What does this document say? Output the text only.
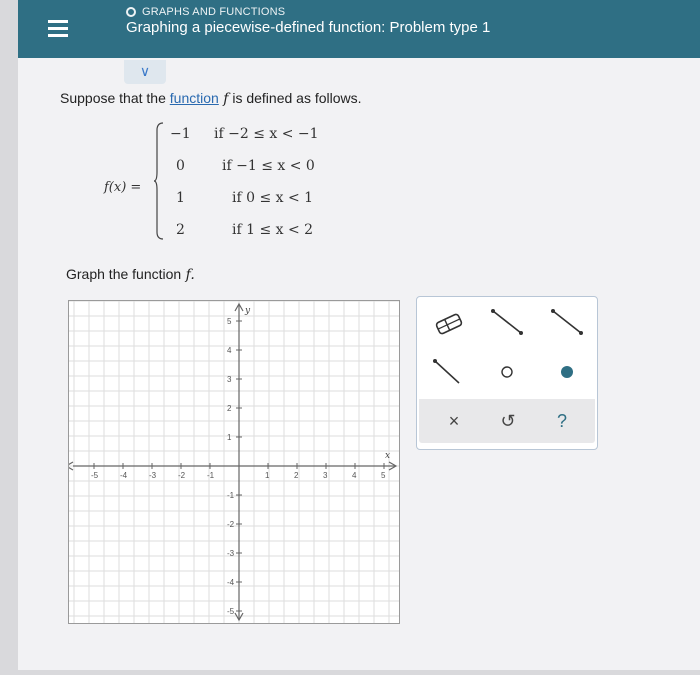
GRAPHS AND FUNCTIONS
Graphing a piecewise-defined function: Problem type 1
∨
Suppose that the function f is defined as follows.
f(x) =
−1 if −2 ≤ x < −1
0	if −1 ≤ x < 0
1	if 0 ≤ x < 1
2	if 1 ≤ x < 2
Graph the function f.
x
y
-5	-4	-3	-2	-1	1	2	3	4	5
5
4
3
2
1
-1
-2
-3
-4
-5
×	↺	?
